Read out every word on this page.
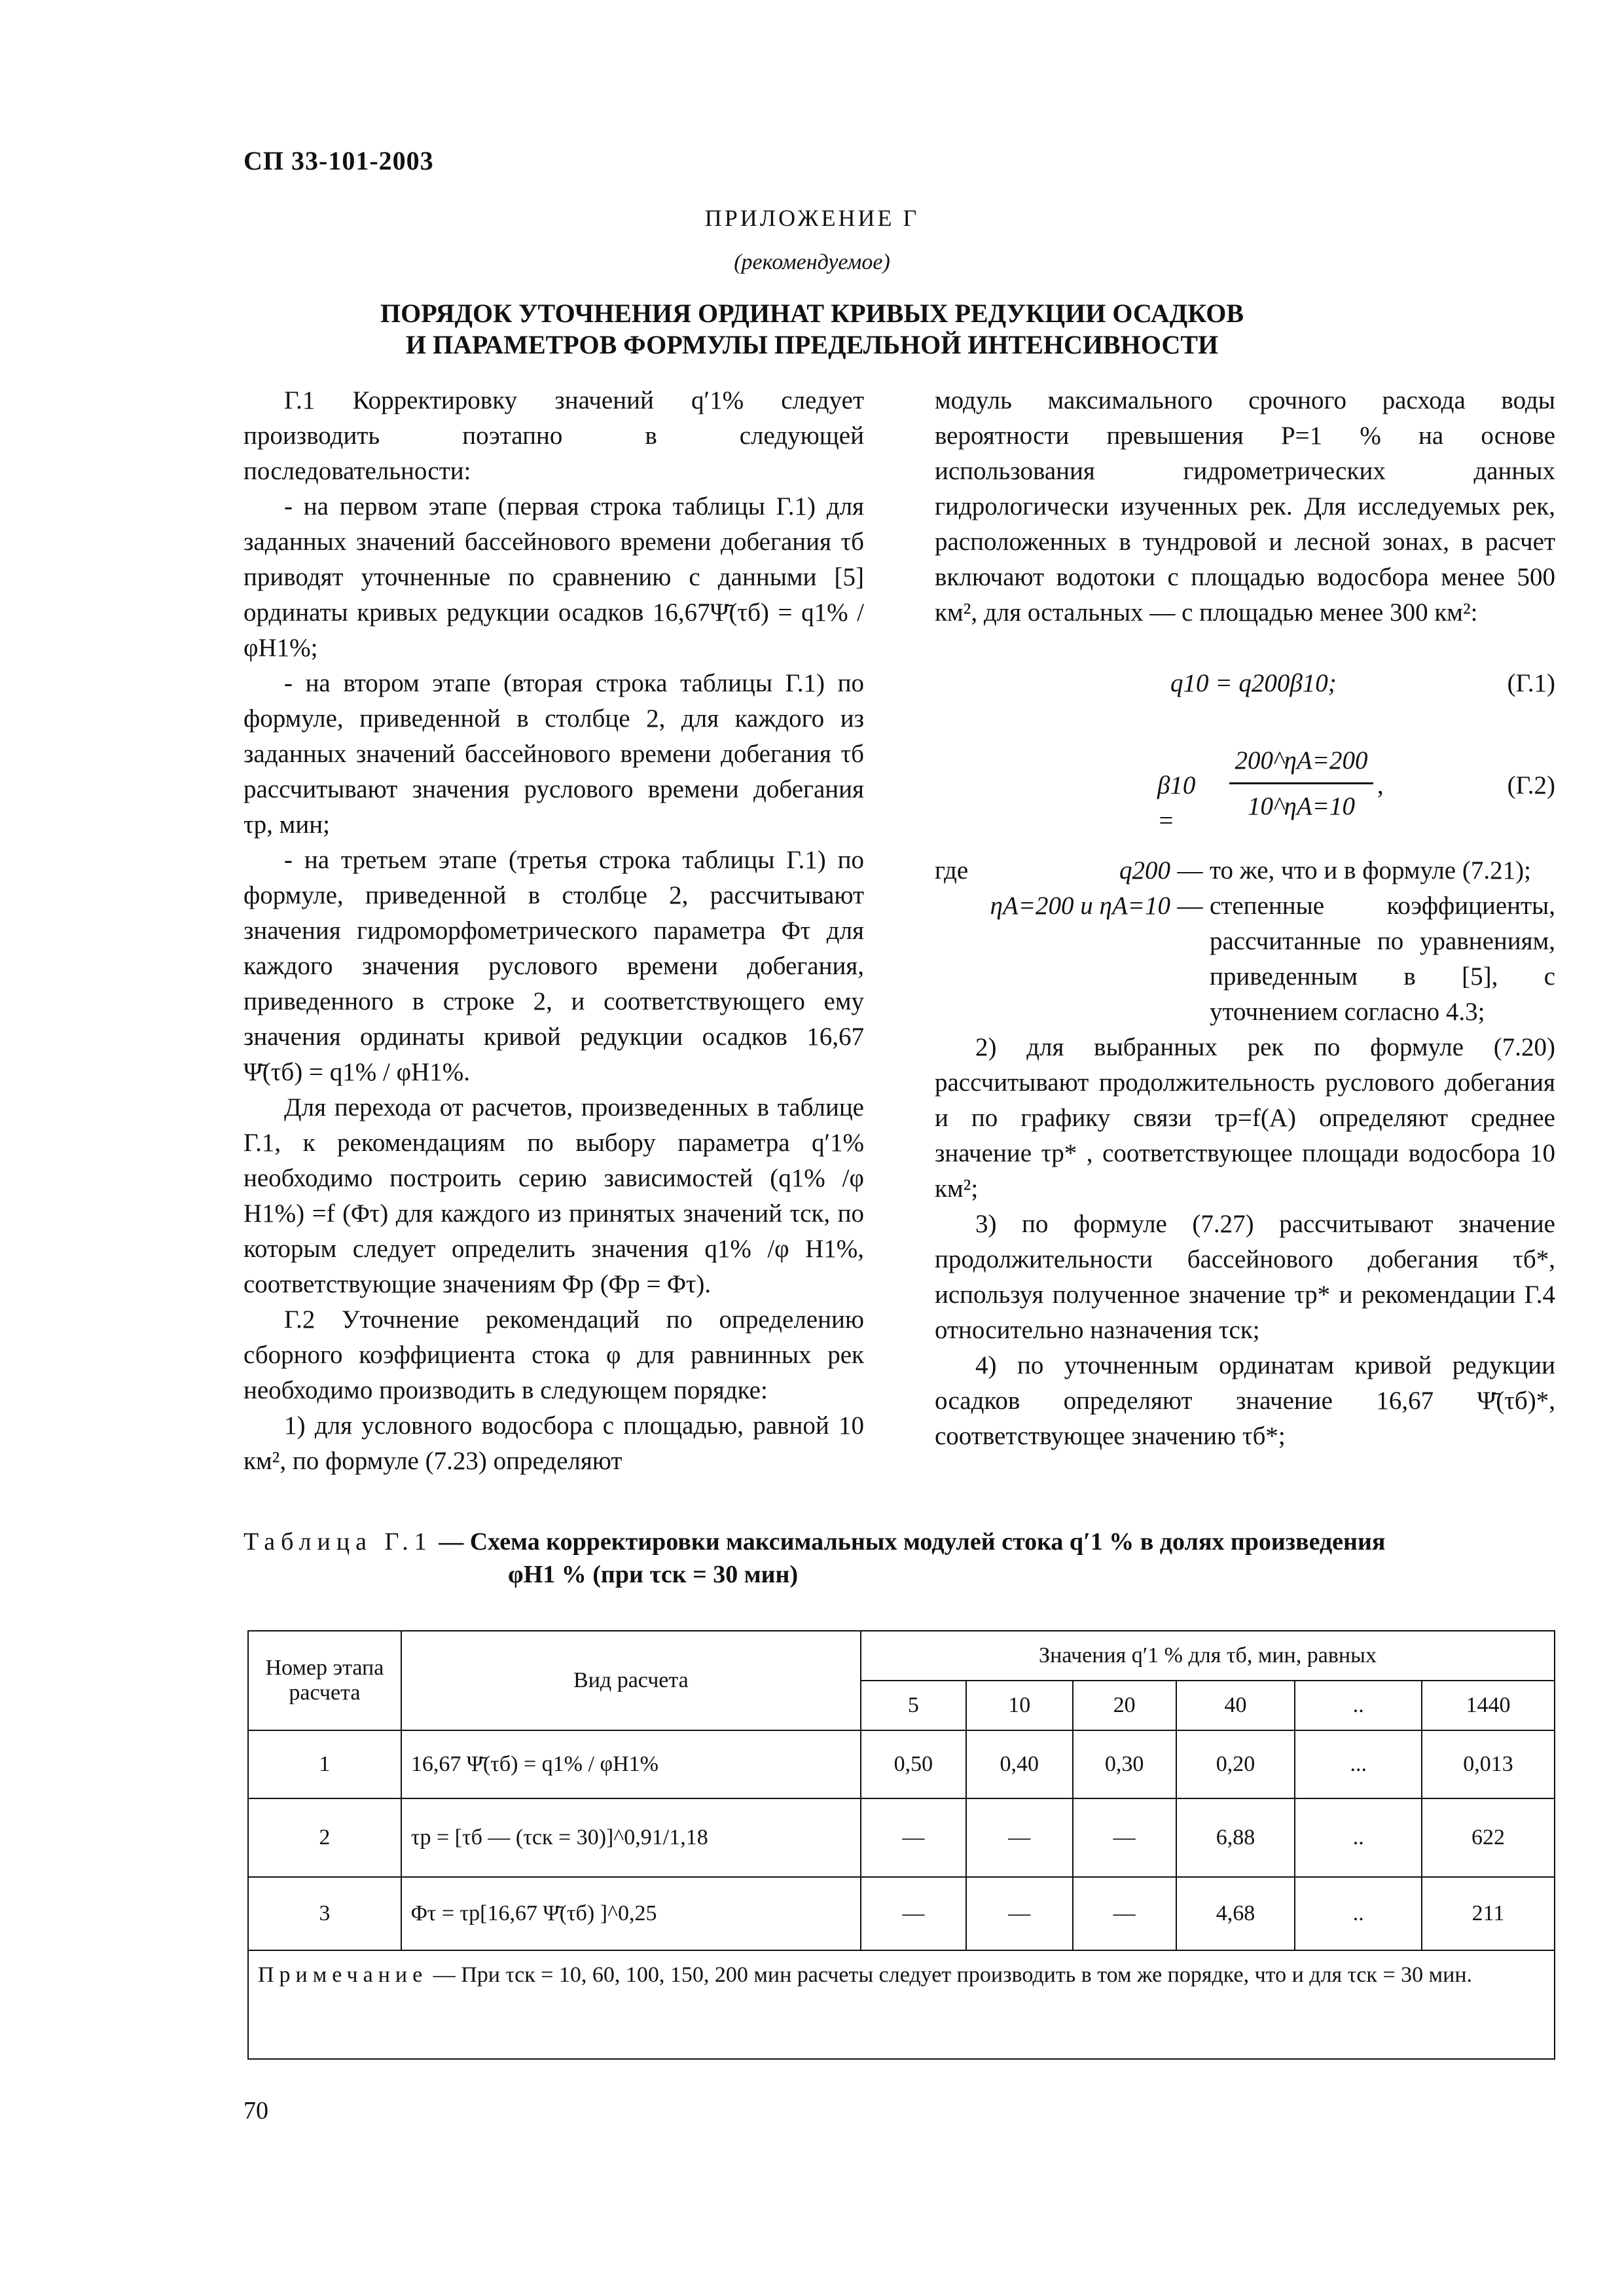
СП 33-101-2003
ПРИЛОЖЕНИЕ Г
(рекомендуемое)
ПОРЯДОК УТОЧНЕНИЯ ОРДИНАТ КРИВЫХ РЕДУКЦИИ ОСАДКОВ
И ПАРАМЕТРОВ ФОРМУЛЫ ПРЕДЕЛЬНОЙ ИНТЕНСИВНОСТИ

Г.1 Корректировку значений q′1% следует производить поэтапно в следующей последовательности:

- на первом этапе (первая строка таблицы Г.1) для заданных значений бассейнового времени добегания τб приводят уточненные по сравнению с данными [5] ординаты кривых редукции осадков 16,67Ψ̄(τб) = q1% / φH1%;

- на втором этапе (вторая строка таблицы Г.1) по формуле, приведенной в столбце 2, для каждого из заданных значений бассейнового времени добегания τб рассчитывают значения руслового времени добегания τр, мин;

- на третьем этапе (третья строка таблицы Г.1) по формуле, приведенной в столбце 2, рассчитывают значения гидроморфометрического параметра Φτ для каждого значения руслового времени добегания, приведенного в строке 2, и соответствующего ему значения ординаты кривой редукции осадков 16,67 Ψ̄(τб) = q1% / φH1%.

Для перехода от расчетов, произведенных в таблице Г.1, к рекомендациям по выбору параметра q′1% необходимо построить серию зависимостей (q1% /φ H1%) =f (Φτ) для каждого из принятых значений τск, по которым следует определить значения q1% /φ H1%, соответствующие значениям Φр (Φр = Φτ).

Г.2 Уточнение рекомендаций по определению сборного коэффициента стока φ для равнинных рек необходимо производить в следующем порядке:

1) для условного водосбора с площадью, равной 10 км², по формуле (7.23) определяют

модуль максимального срочного расхода воды вероятности превышения P=1 % на основе использования гидрометрических данных гидрологически изученных рек. Для исследуемых рек, расположенных в тундровой и лесной зонах, в расчет включают водотоки с площадью водосбора менее 500 км², для остальных — с площадью менее 300 км²:

q10 = q200β10;	(Г.1)
β10 =
200^ηA=200
10^ηA=10
,	(Г.2)
где	q200 — то же, что и в формуле (7.21);
ηA=200 и ηA=10 — степенные коэффициенты, рассчитанные по уравнениям, приведенным в [5], с уточнением согласно 4.3;

2) для выбранных рек по формуле (7.20) рассчитывают продолжительность руслового добегания и по графику связи τр=f(A) определяют среднее значение τр* , соответствующее площади водосбора 10 км²;

3) по формуле (7.27) рассчитывают значение продолжительности бассейнового добегания τб*, используя полученное значение τр* и рекомендации Г.4 относительно назначения τск;

4) по уточненным ординатам кривой редукции осадков определяют значение 16,67 Ψ̄(τб)*, соответствующее значению τб*;

Таблица Г.1 — Схема корректировки максимальных модулей стока q′1 % в долях произведения
φH1 % (при τск = 30 мин)
Номер этапа расчета	Вид расчета	Значения q′1 % для τб, мин, равных					
		5	10	20	40	..	1440
1	16,67 Ψ̄(τб) = q1% / φH1%	0,50	0,40	0,30	0,20	...	0,013
2	τр = [τб — (τск = 30)]^0,91/1,18	—	—	—	6,88	..	622
3	Φτ = τр[16,67 Ψ̄(τб) ]^0,25	—	—	—	4,68	..	211
Примечание — При τск = 10, 60, 100, 150, 200 мин расчеты следует производить в том же порядке, что и для τск = 30 мин.
70
